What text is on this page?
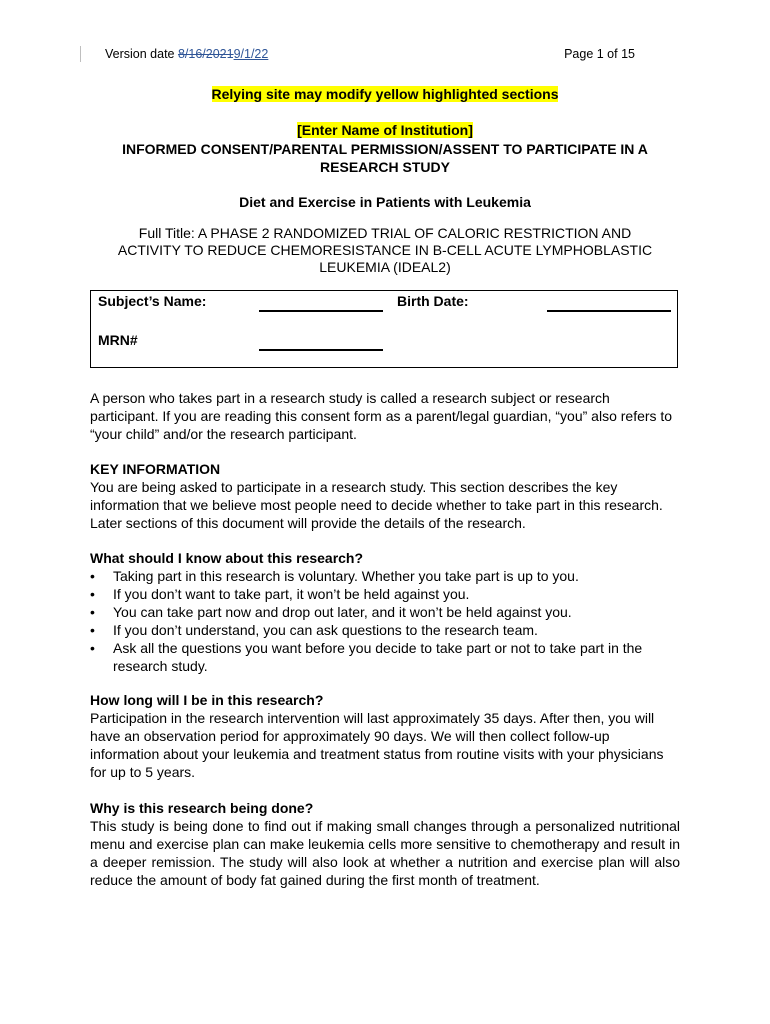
Version date 8/16/20219/1/22	Page 1 of 15
Relying site may modify yellow highlighted sections
[Enter Name of Institution]
INFORMED CONSENT/PARENTAL PERMISSION/ASSENT TO PARTICIPATE IN A
RESEARCH STUDY
Diet and Exercise in Patients with Leukemia
Full Title: A PHASE 2 RANDOMIZED TRIAL OF CALORIC RESTRICTION AND
ACTIVITY TO REDUCE CHEMORESISTANCE IN B-CELL ACUTE LYMPHOBLASTIC
LEUKEMIA (IDEAL2)
Subject’s Name:	Birth Date:
MRN#
A person who takes part in a research study is called a research subject or research participant. If you are reading this consent form as a parent/legal guardian, “you” also refers to “your child” and/or the research participant.
KEY INFORMATION
You are being asked to participate in a research study. This section describes the key information that we believe most people need to decide whether to take part in this research. Later sections of this document will provide the details of the research.
What should I know about this research?
• Taking part in this research is voluntary. Whether you take part is up to you.
• If you don’t want to take part, it won’t be held against you.
• You can take part now and drop out later, and it won’t be held against you.
• If you don’t understand, you can ask questions to the research team.
• Ask all the questions you want before you decide to take part or not to take part in the research study.
How long will I be in this research?
Participation in the research intervention will last approximately 35 days. After then, you will have an observation period for approximately 90 days. We will then collect follow-up information about your leukemia and treatment status from routine visits with your physicians for up to 5 years.
Why is this research being done?
This study is being done to find out if making small changes through a personalized nutritional menu and exercise plan can make leukemia cells more sensitive to chemotherapy and result in a deeper remission. The study will also look at whether a nutrition and exercise plan will also reduce the amount of body fat gained during the first month of treatment.
